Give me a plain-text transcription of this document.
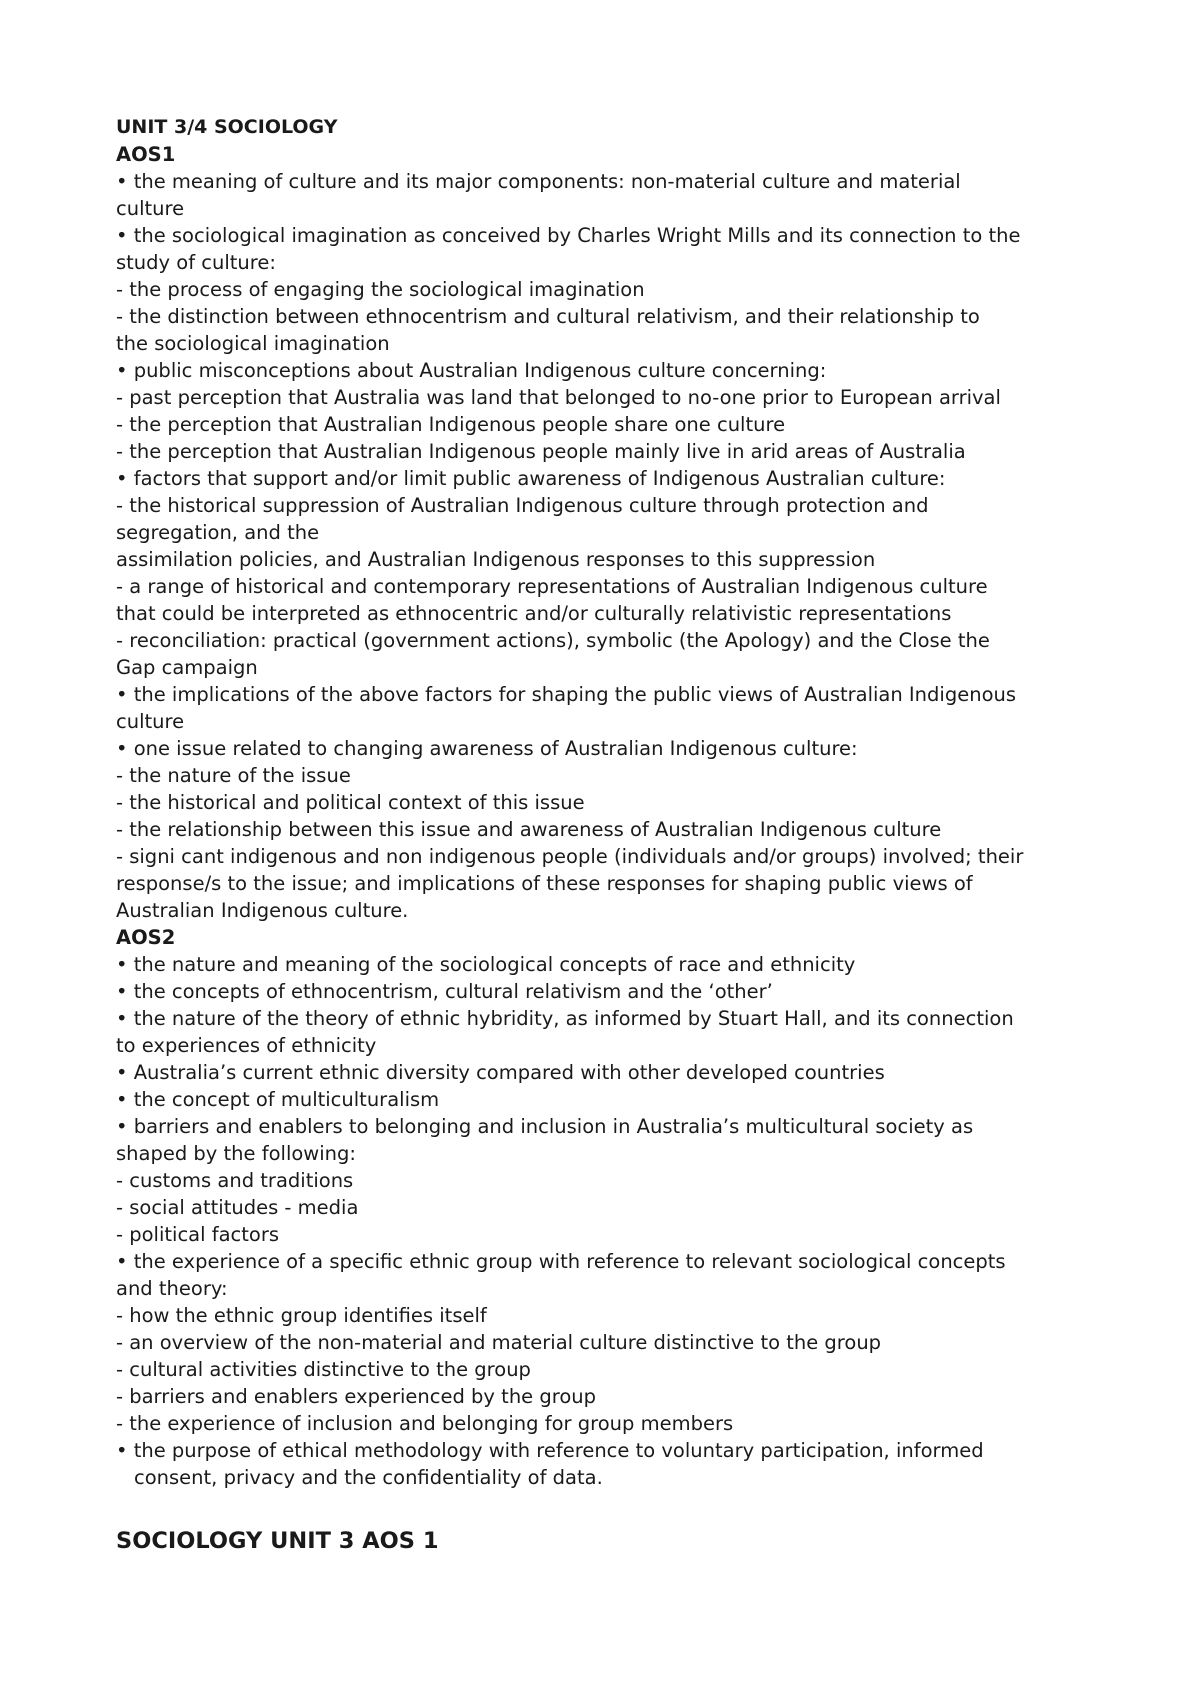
UNIT 3/4 SOCIOLOGY

AOS1

• the meaning of culture and its major components: non-material culture and material

culture

• the sociological imagination as conceived by Charles Wright Mills and its connection to the

study of culture:

- the process of engaging the sociological imagination

- the distinction between ethnocentrism and cultural relativism, and their relationship to

the sociological imagination

• public misconceptions about Australian Indigenous culture concerning:

- past perception that Australia was land that belonged to no-one prior to European arrival

- the perception that Australian Indigenous people share one culture

- the perception that Australian Indigenous people mainly live in arid areas of Australia

• factors that support and/or limit public awareness of Indigenous Australian culture:

- the historical suppression of Australian Indigenous culture through protection and

segregation, and the

assimilation policies, and Australian Indigenous responses to this suppression

- a range of historical and contemporary representations of Australian Indigenous culture

that could be interpreted as ethnocentric and/or culturally relativistic representations

- reconciliation: practical (government actions), symbolic (the Apology) and the Close the

Gap campaign

• the implications of the above factors for shaping the public views of Australian Indigenous

culture

• one issue related to changing awareness of Australian Indigenous culture:

- the nature of the issue

- the historical and political context of this issue

- the relationship between this issue and awareness of Australian Indigenous culture

- signi cant indigenous and non indigenous people (individuals and/or groups) involved; their

response/s to the issue; and implications of these responses for shaping public views of

Australian Indigenous culture.

AOS2

• the nature and meaning of the sociological concepts of race and ethnicity

• the concepts of ethnocentrism, cultural relativism and the ‘other’

• the nature of the theory of ethnic hybridity, as informed by Stuart Hall, and its connection

to experiences of ethnicity

• Australia’s current ethnic diversity compared with other developed countries

• the concept of multiculturalism

• barriers and enablers to belonging and inclusion in Australia’s multicultural society as

shaped by the following:

- customs and traditions

- social attitudes - media

- political factors

• the experience of a specific ethnic group with reference to relevant sociological concepts

and theory:

- how the ethnic group identifies itself

- an overview of the non-material and material culture distinctive to the group

- cultural activities distinctive to the group

- barriers and enablers experienced by the group

- the experience of inclusion and belonging for group members

• the purpose of ethical methodology with reference to voluntary participation, informed

consent, privacy and the confidentiality of data.

SOCIOLOGY UNIT 3 AOS 1
